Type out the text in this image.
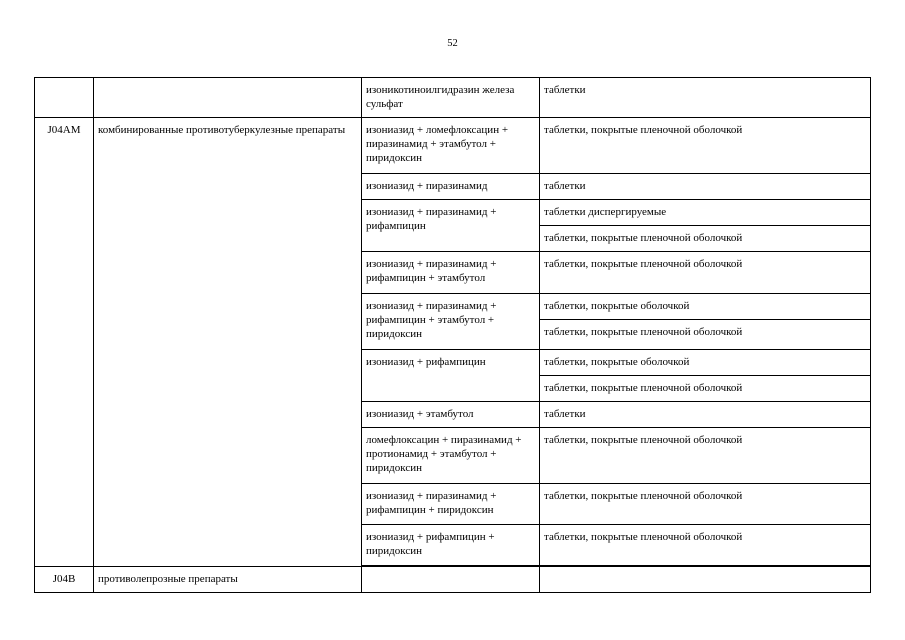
52
		изоникотиноилгидразин железа сульфат	таблетки
J04AM	комбинированные противотуберкулезные препараты	изониазид + ломефлоксацин + пиразинамид + этамбутол + пиридоксин	таблетки, покрытые пленочной оболочкой
		изониазид + пиразинамид	таблетки
		изониазид + пиразинамид + рифампицин	таблетки диспергируемые
			таблетки, покрытые пленочной оболочкой
		изониазид + пиразинамид + рифампицин + этамбутол	таблетки, покрытые пленочной оболочкой
		изониазид + пиразинамид + рифампицин + этамбутол + пиридоксин	таблетки, покрытые оболочкой
			таблетки, покрытые пленочной оболочкой
		изониазид + рифампицин	таблетки, покрытые оболочкой
			таблетки, покрытые пленочной оболочкой
		изониазид + этамбутол	таблетки
		ломефлоксацин + пиразинамид + протионамид + этамбутол + пиридоксин	таблетки, покрытые пленочной оболочкой
		изониазид + пиразинамид + рифампицин + пиридоксин	таблетки, покрытые пленочной оболочкой
		изониазид + рифампицин + пиридоксин	таблетки, покрытые пленочной оболочкой

J04B	противолепрозные препараты		
